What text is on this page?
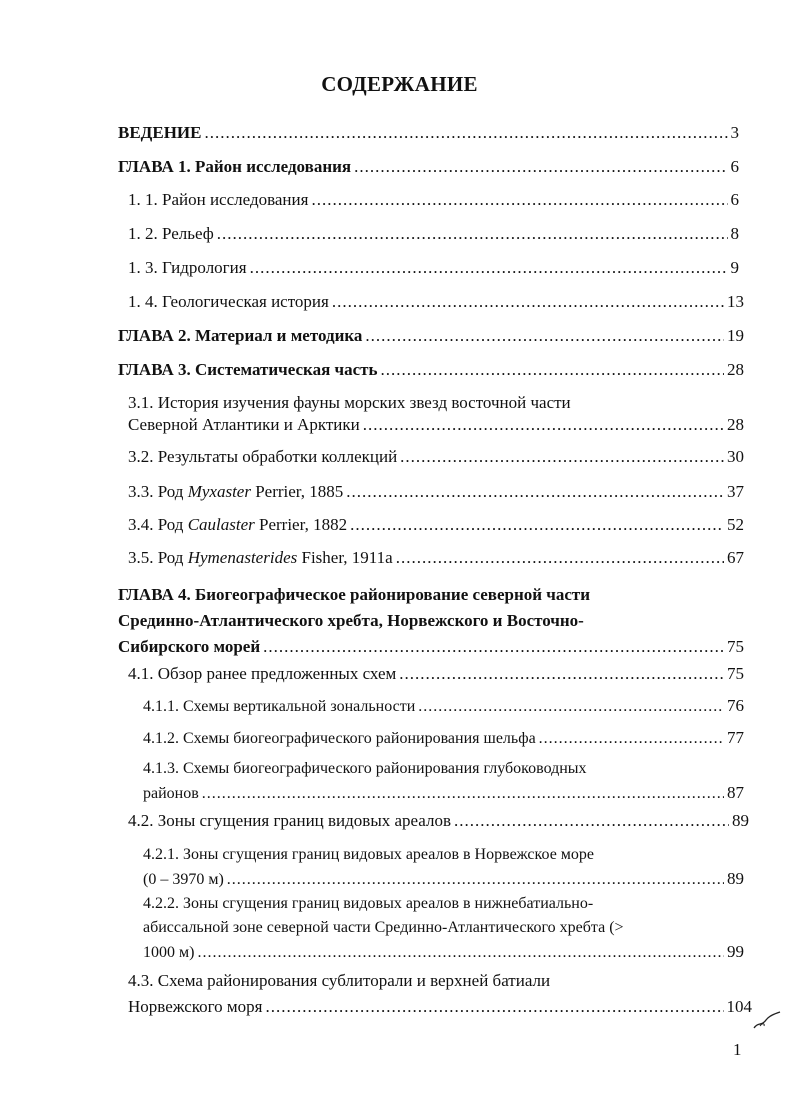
СОДЕРЖАНИЕ
ВЕДЕНИЕ .....	3
ГЛАВА 1. Район исследования .....	6
1. 1. Район исследования .....	6
1. 2. Рельеф .....	8
1. 3. Гидрология .....	9
1. 4. Геологическая история .....	13
ГЛАВА 2. Материал и методика .....	19
ГЛАВА 3. Систематическая часть .....	28
3.1. История изучения фауны морских звезд восточной части
Северной Атлантики и Арктики .....	28
3.2. Результаты обработки коллекций .....	30
3.3. Род Myxaster Perrier, 1885 .....	37
3.4. Род Caulaster Perrier, 1882 .....	52
3.5. Род Hymenasterides Fisher, 1911a .....	67
ГЛАВА 4. Биогеографическое районирование северной части
Срединно-Атлантического хребта, Норвежского и Восточно-
Сибирского морей .....	75
4.1. Обзор ранее предложенных схем .....	75
4.1.1. Схемы вертикальной зональности .....	76
4.1.2. Схемы биогеографического районирования шельфа .....	77
4.1.3. Схемы биогеографического районирования глубоководных
районов .....	87
4.2. Зоны сгущения границ видовых ареалов .....	89
4.2.1. Зоны сгущения границ видовых ареалов в Норвежское море
(0 – 3970 м) .....	89
4.2.2. Зоны сгущения границ видовых ареалов в нижнебатиально-
абиссальной зоне северной части Срединно-Атлантического хребта (>
1000 м) .....	99
4.3. Схема районирования сублиторали и верхней батиали
Норвежского моря .....	104
1
